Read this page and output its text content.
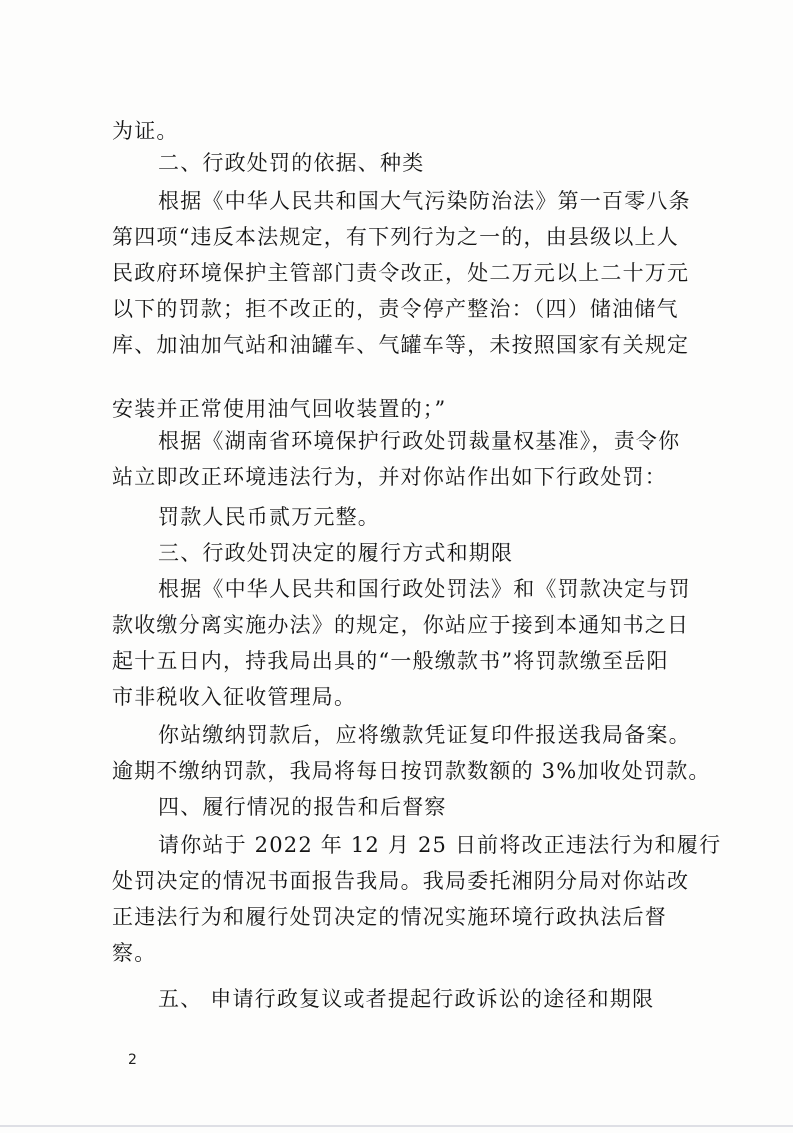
为证。
二、行政处罚的依据、种类
根据《中华人民共和国大气污染防治法》第一百零八条
第四项“违反本法规定，有下列行为之一的，由县级以上人
民政府环境保护主管部门责令改正，处二万元以上二十万元
以下的罚款；拒不改正的，责令停产整治：（四）储油储气
库、加油加气站和油罐车、气罐车等，未按照国家有关规定
安装并正常使用油气回收装置的；”
根据《湖南省环境保护行政处罚裁量权基准》，责令你
站立即改正环境违法行为，并对你站作出如下行政处罚：
罚款人民币贰万元整。
三、行政处罚决定的履行方式和期限
根据《中华人民共和国行政处罚法》和《罚款决定与罚
款收缴分离实施办法》的规定，你站应于接到本通知书之日
起十五日内，持我局出具的“一般缴款书”将罚款缴至岳阳
市非税收入征收管理局。
你站缴纳罚款后，应将缴款凭证复印件报送我局备案。
逾期不缴纳罚款，我局将每日按罚款数额的 3%加收处罚款。
四、履行情况的报告和后督察
请你站于 2022 年 12 月 25 日前将改正违法行为和履行
处罚决定的情况书面报告我局。我局委托湘阴分局对你站改
正违法行为和履行处罚决定的情况实施环境行政执法后督
察。
五、 申请行政复议或者提起行政诉讼的途径和期限
2
